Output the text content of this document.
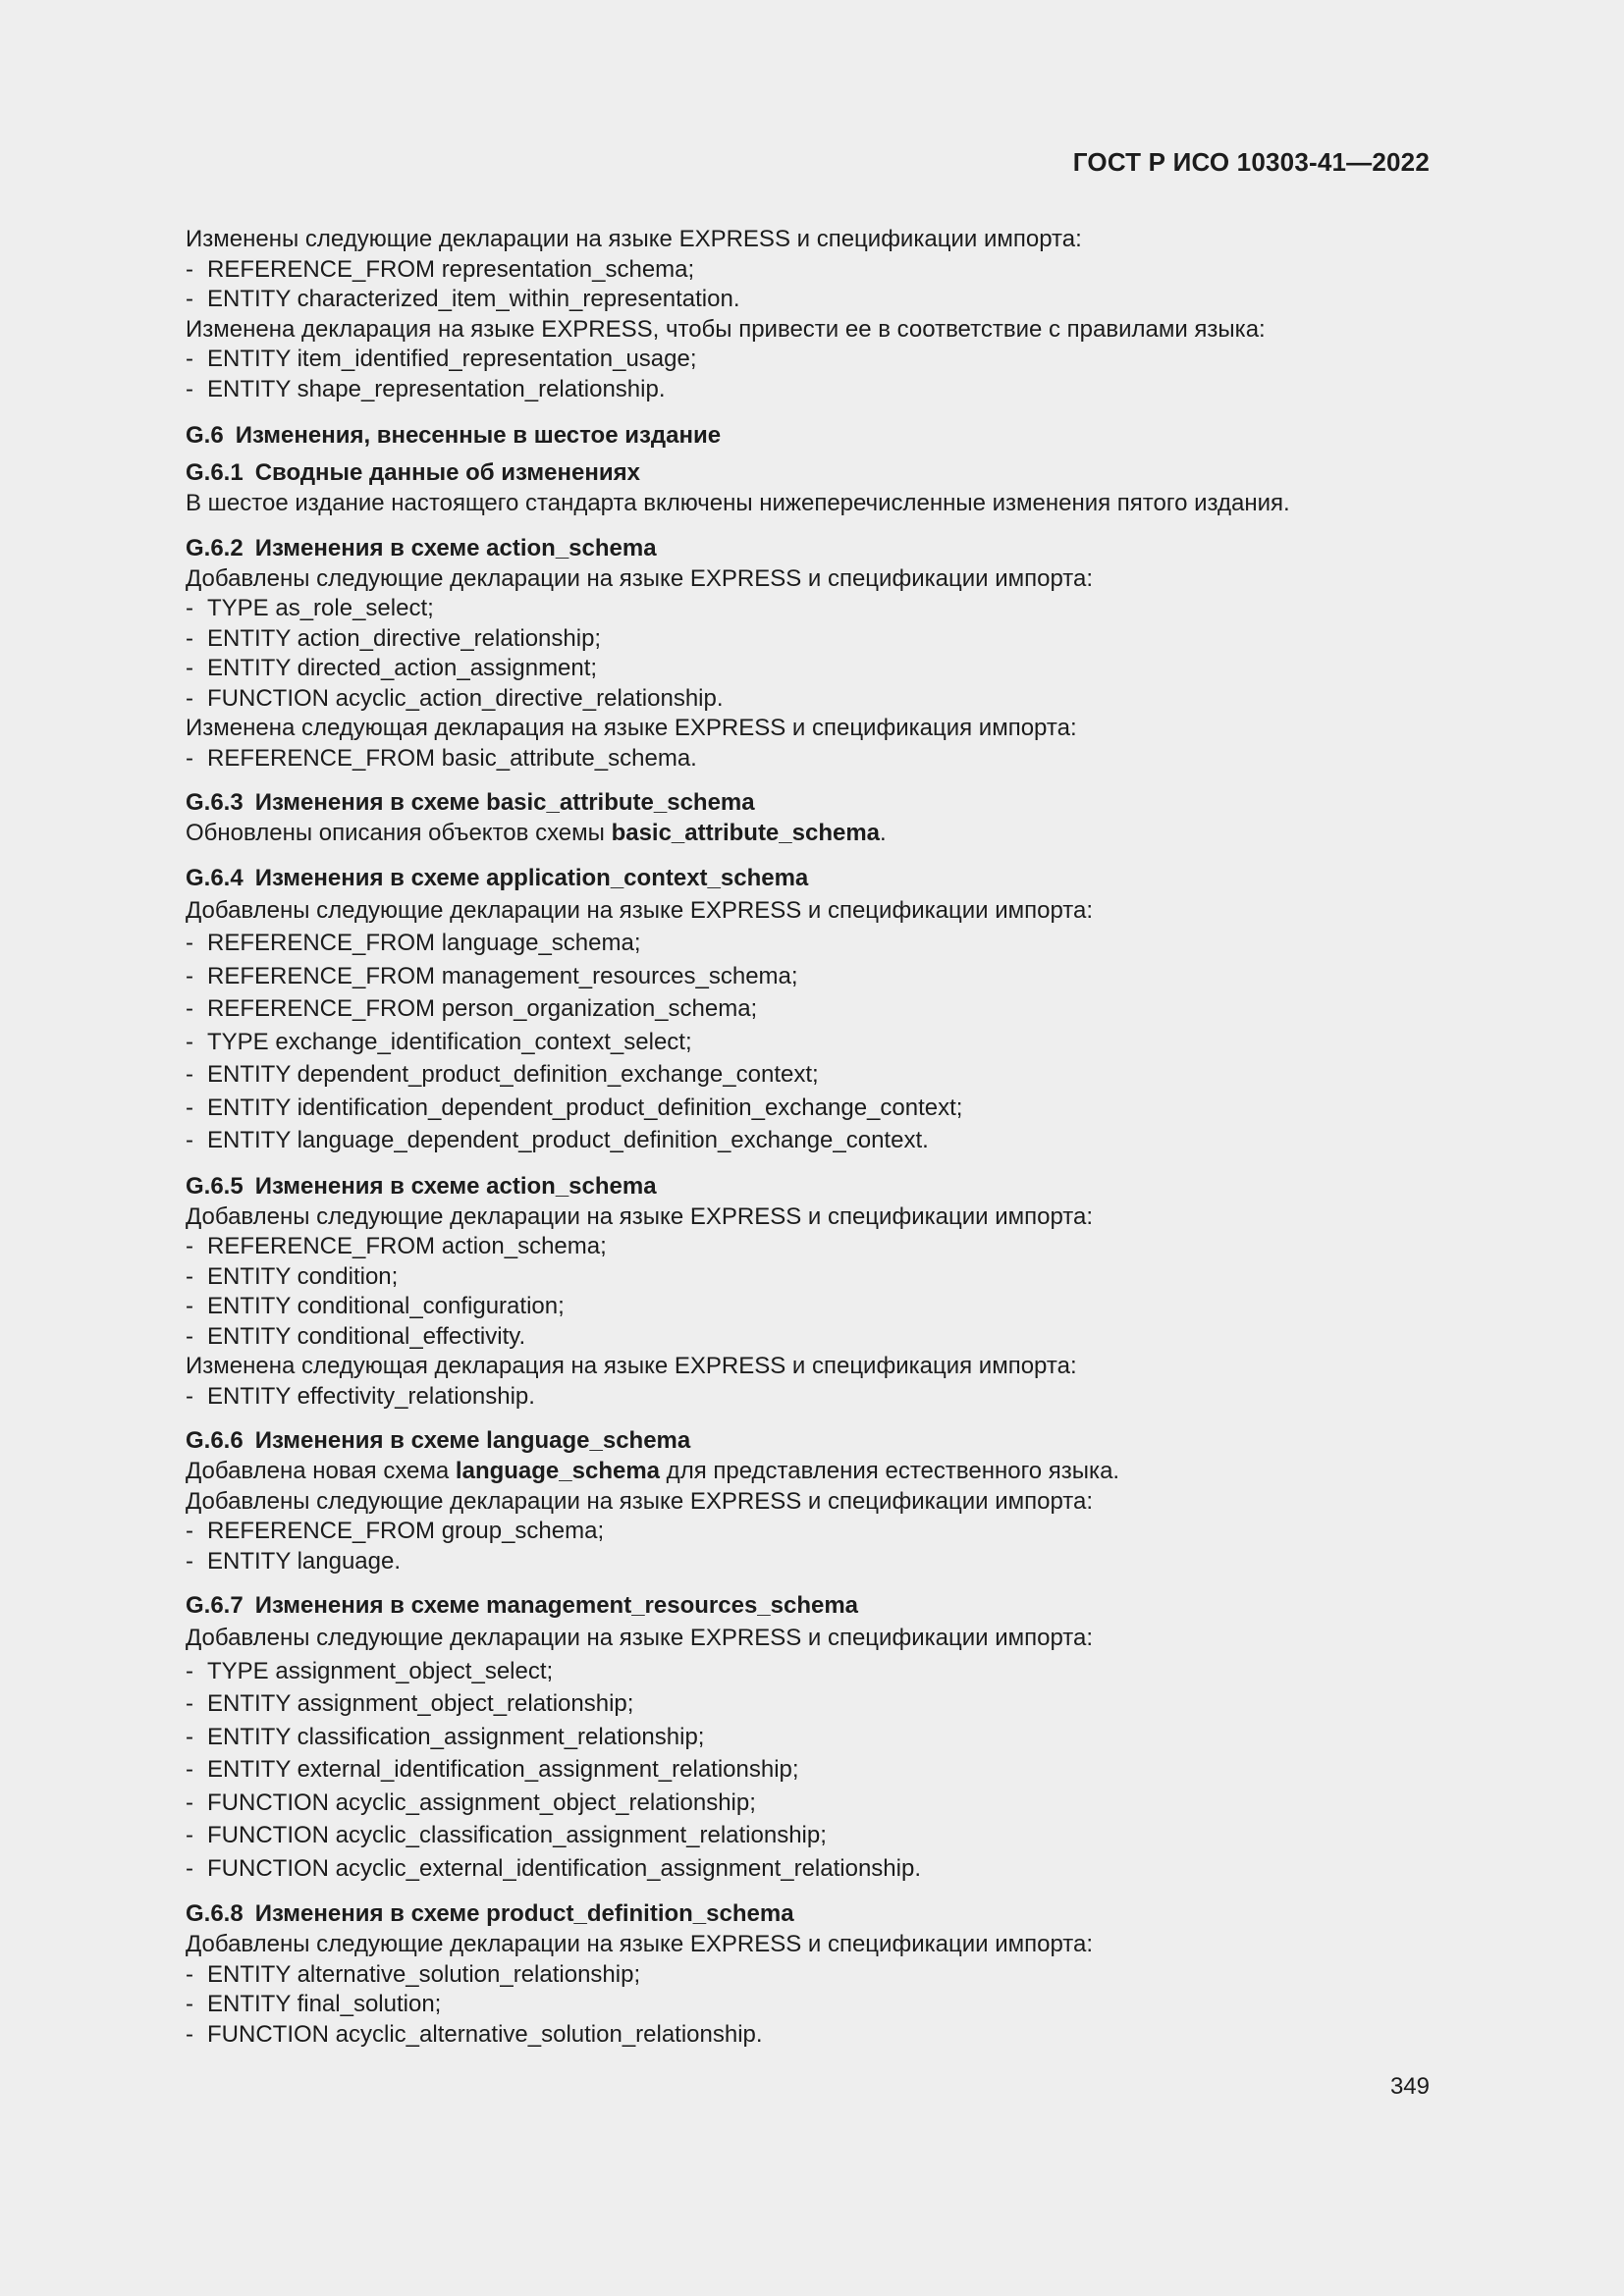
ГОСТ Р ИСО 10303-41—2022
Изменены следующие декларации на языке EXPRESS и спецификации импорта:
- REFERENCE_FROM representation_schema;
- ENTITY characterized_item_within_representation.
Изменена декларация на языке EXPRESS, чтобы привести ее в соответствие с правилами языка:
- ENTITY item_identified_representation_usage;
- ENTITY shape_representation_relationship.
G.6 Изменения, внесенные в шестое издание
G.6.1 Сводные данные об изменениях
В шестое издание настоящего стандарта включены нижеперечисленные изменения пятого издания.
G.6.2 Изменения в схеме action_schema
Добавлены следующие декларации на языке EXPRESS и спецификации импорта:
- TYPE as_role_select;
- ENTITY action_directive_relationship;
- ENTITY directed_action_assignment;
- FUNCTION acyclic_action_directive_relationship.
Изменена следующая декларация на языке EXPRESS и спецификация импорта:
- REFERENCE_FROM basic_attribute_schema.
G.6.3 Изменения в схеме basic_attribute_schema
Обновлены описания объектов схемы basic_attribute_schema.
G.6.4 Изменения в схеме application_context_schema
Добавлены следующие декларации на языке EXPRESS и спецификации импорта:
- REFERENCE_FROM language_schema;
- REFERENCE_FROM management_resources_schema;
- REFERENCE_FROM person_organization_schema;
- TYPE exchange_identification_context_select;
- ENTITY dependent_product_definition_exchange_context;
- ENTITY identification_dependent_product_definition_exchange_context;
- ENTITY language_dependent_product_definition_exchange_context.
G.6.5 Изменения в схеме action_schema
Добавлены следующие декларации на языке EXPRESS и спецификации импорта:
- REFERENCE_FROM action_schema;
- ENTITY condition;
- ENTITY conditional_configuration;
- ENTITY conditional_effectivity.
Изменена следующая декларация на языке EXPRESS и спецификация импорта:
- ENTITY effectivity_relationship.
G.6.6 Изменения в схеме language_schema
Добавлена новая схема language_schema для представления естественного языка.
Добавлены следующие декларации на языке EXPRESS и спецификации импорта:
- REFERENCE_FROM group_schema;
- ENTITY language.
G.6.7 Изменения в схеме management_resources_schema
Добавлены следующие декларации на языке EXPRESS и спецификации импорта:
- TYPE assignment_object_select;
- ENTITY assignment_object_relationship;
- ENTITY classification_assignment_relationship;
- ENTITY external_identification_assignment_relationship;
- FUNCTION acyclic_assignment_object_relationship;
- FUNCTION acyclic_classification_assignment_relationship;
- FUNCTION acyclic_external_identification_assignment_relationship.
G.6.8 Изменения в схеме product_definition_schema
Добавлены следующие декларации на языке EXPRESS и спецификации импорта:
- ENTITY alternative_solution_relationship;
- ENTITY final_solution;
- FUNCTION acyclic_alternative_solution_relationship.
349
